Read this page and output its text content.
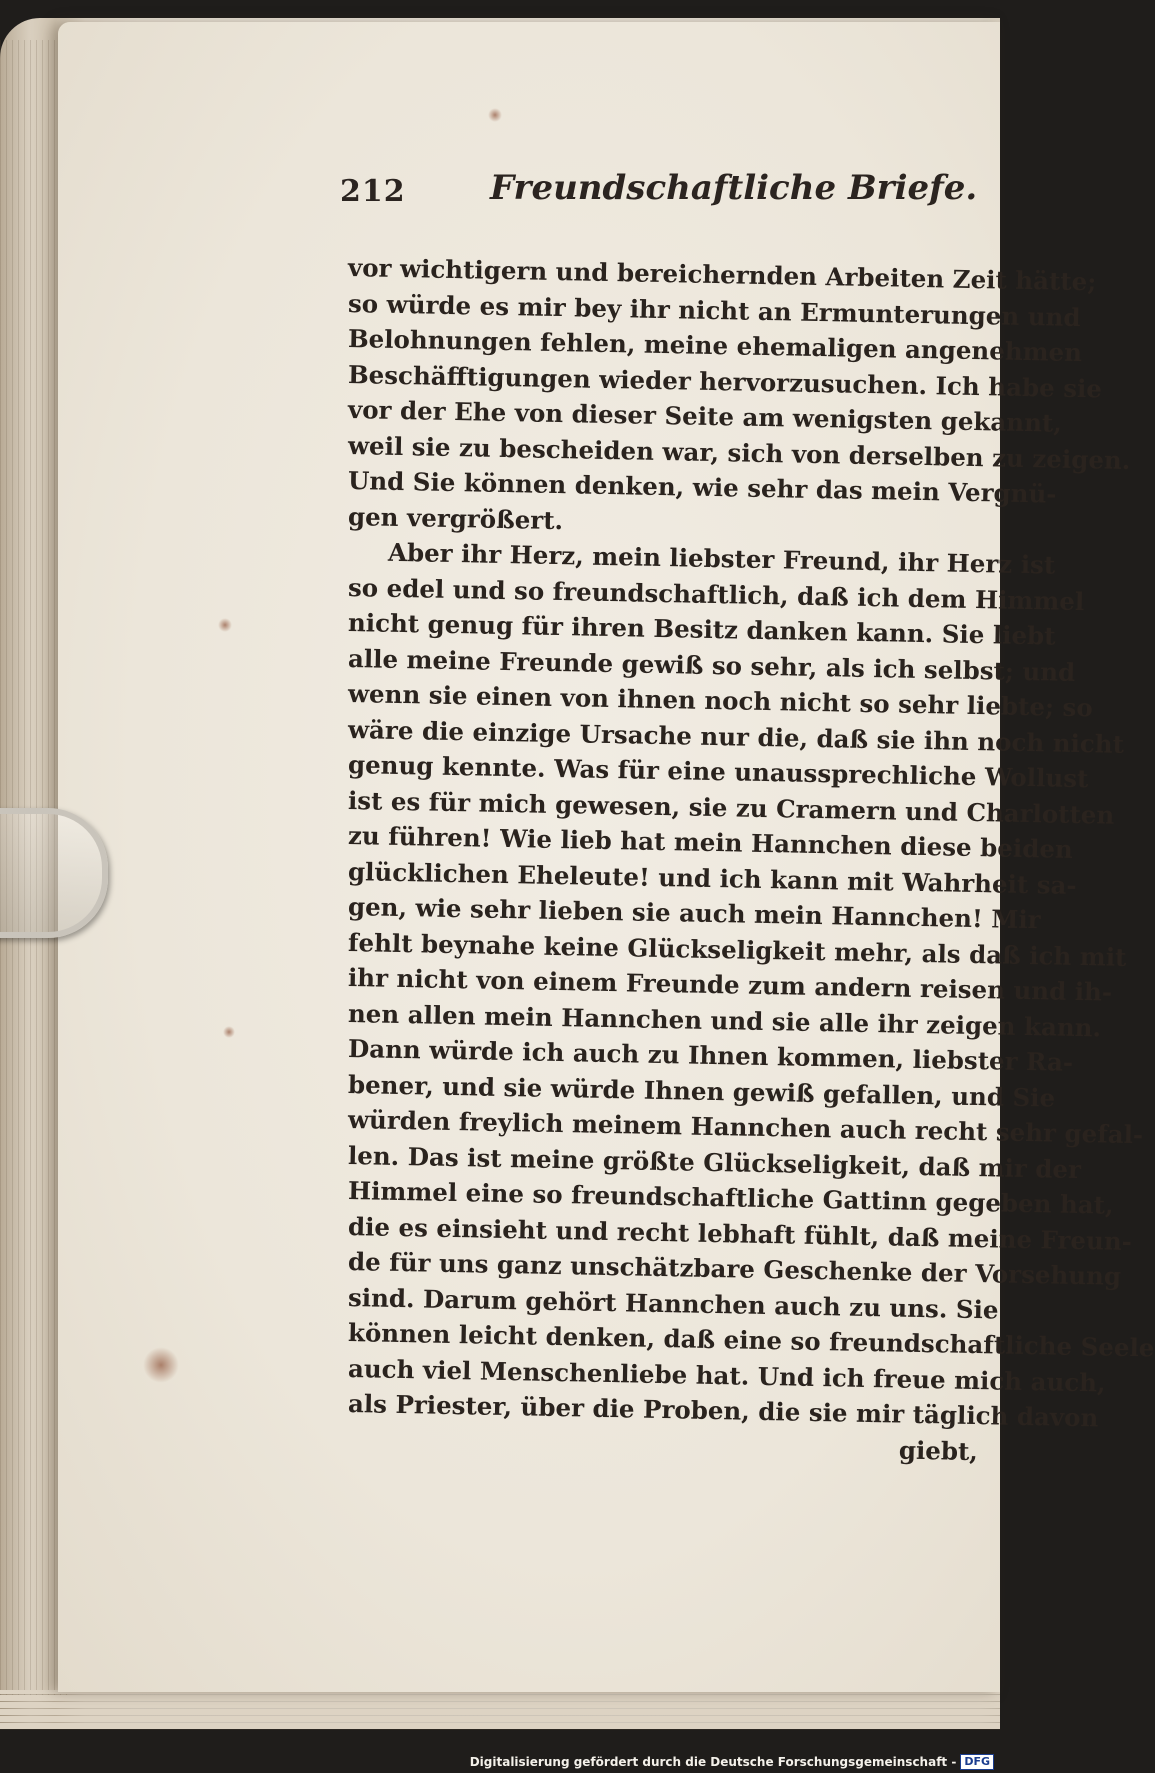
212 Freundschaftliche Briefe.
vor wichtigern und bereichernden Arbeiten Zeit hätte;
so würde es mir bey ihr nicht an Ermunterungen und
Belohnungen fehlen, meine ehemaligen angenehmen
Beschäfftigungen wieder hervorzusuchen. Ich habe sie
vor der Ehe von dieser Seite am wenigsten gekannt,
weil sie zu bescheiden war, sich von derselben zu zeigen.
Und Sie können denken, wie sehr das mein Vergnü-
gen vergrößert.
Aber ihr Herz, mein liebster Freund, ihr Herz ist
so edel und so freundschaftlich, daß ich dem Himmel
nicht genug für ihren Besitz danken kann. Sie liebt
alle meine Freunde gewiß so sehr, als ich selbst; und
wenn sie einen von ihnen noch nicht so sehr liebte; so
wäre die einzige Ursache nur die, daß sie ihn noch nicht
genug kennte. Was für eine unaussprechliche Wollust
ist es für mich gewesen, sie zu Cramern und Charlotten
zu führen! Wie lieb hat mein Hannchen diese beiden
glücklichen Eheleute! und ich kann mit Wahrheit sa-
gen, wie sehr lieben sie auch mein Hannchen! Mir
fehlt beynahe keine Glückseligkeit mehr, als daß ich mit
ihr nicht von einem Freunde zum andern reisen und ih-
nen allen mein Hannchen und sie alle ihr zeigen kann.
Dann würde ich auch zu Ihnen kommen, liebster Ra-
bener, und sie würde Ihnen gewiß gefallen, und Sie
würden freylich meinem Hannchen auch recht sehr gefal-
len. Das ist meine größte Glückseligkeit, daß mir der
Himmel eine so freundschaftliche Gattinn gegeben hat,
die es einsieht und recht lebhaft fühlt, daß meine Freun-
de für uns ganz unschätzbare Geschenke der Vorsehung
sind. Darum gehört Hannchen auch zu uns. Sie
können leicht denken, daß eine so freundschaftliche Seele
auch viel Menschenliebe hat. Und ich freue mich auch,
als Priester, über die Proben, die sie mir täglich davon
giebt,
Digitalisierung gefördert durch die Deutsche Forschungsgemeinschaft - DFG
